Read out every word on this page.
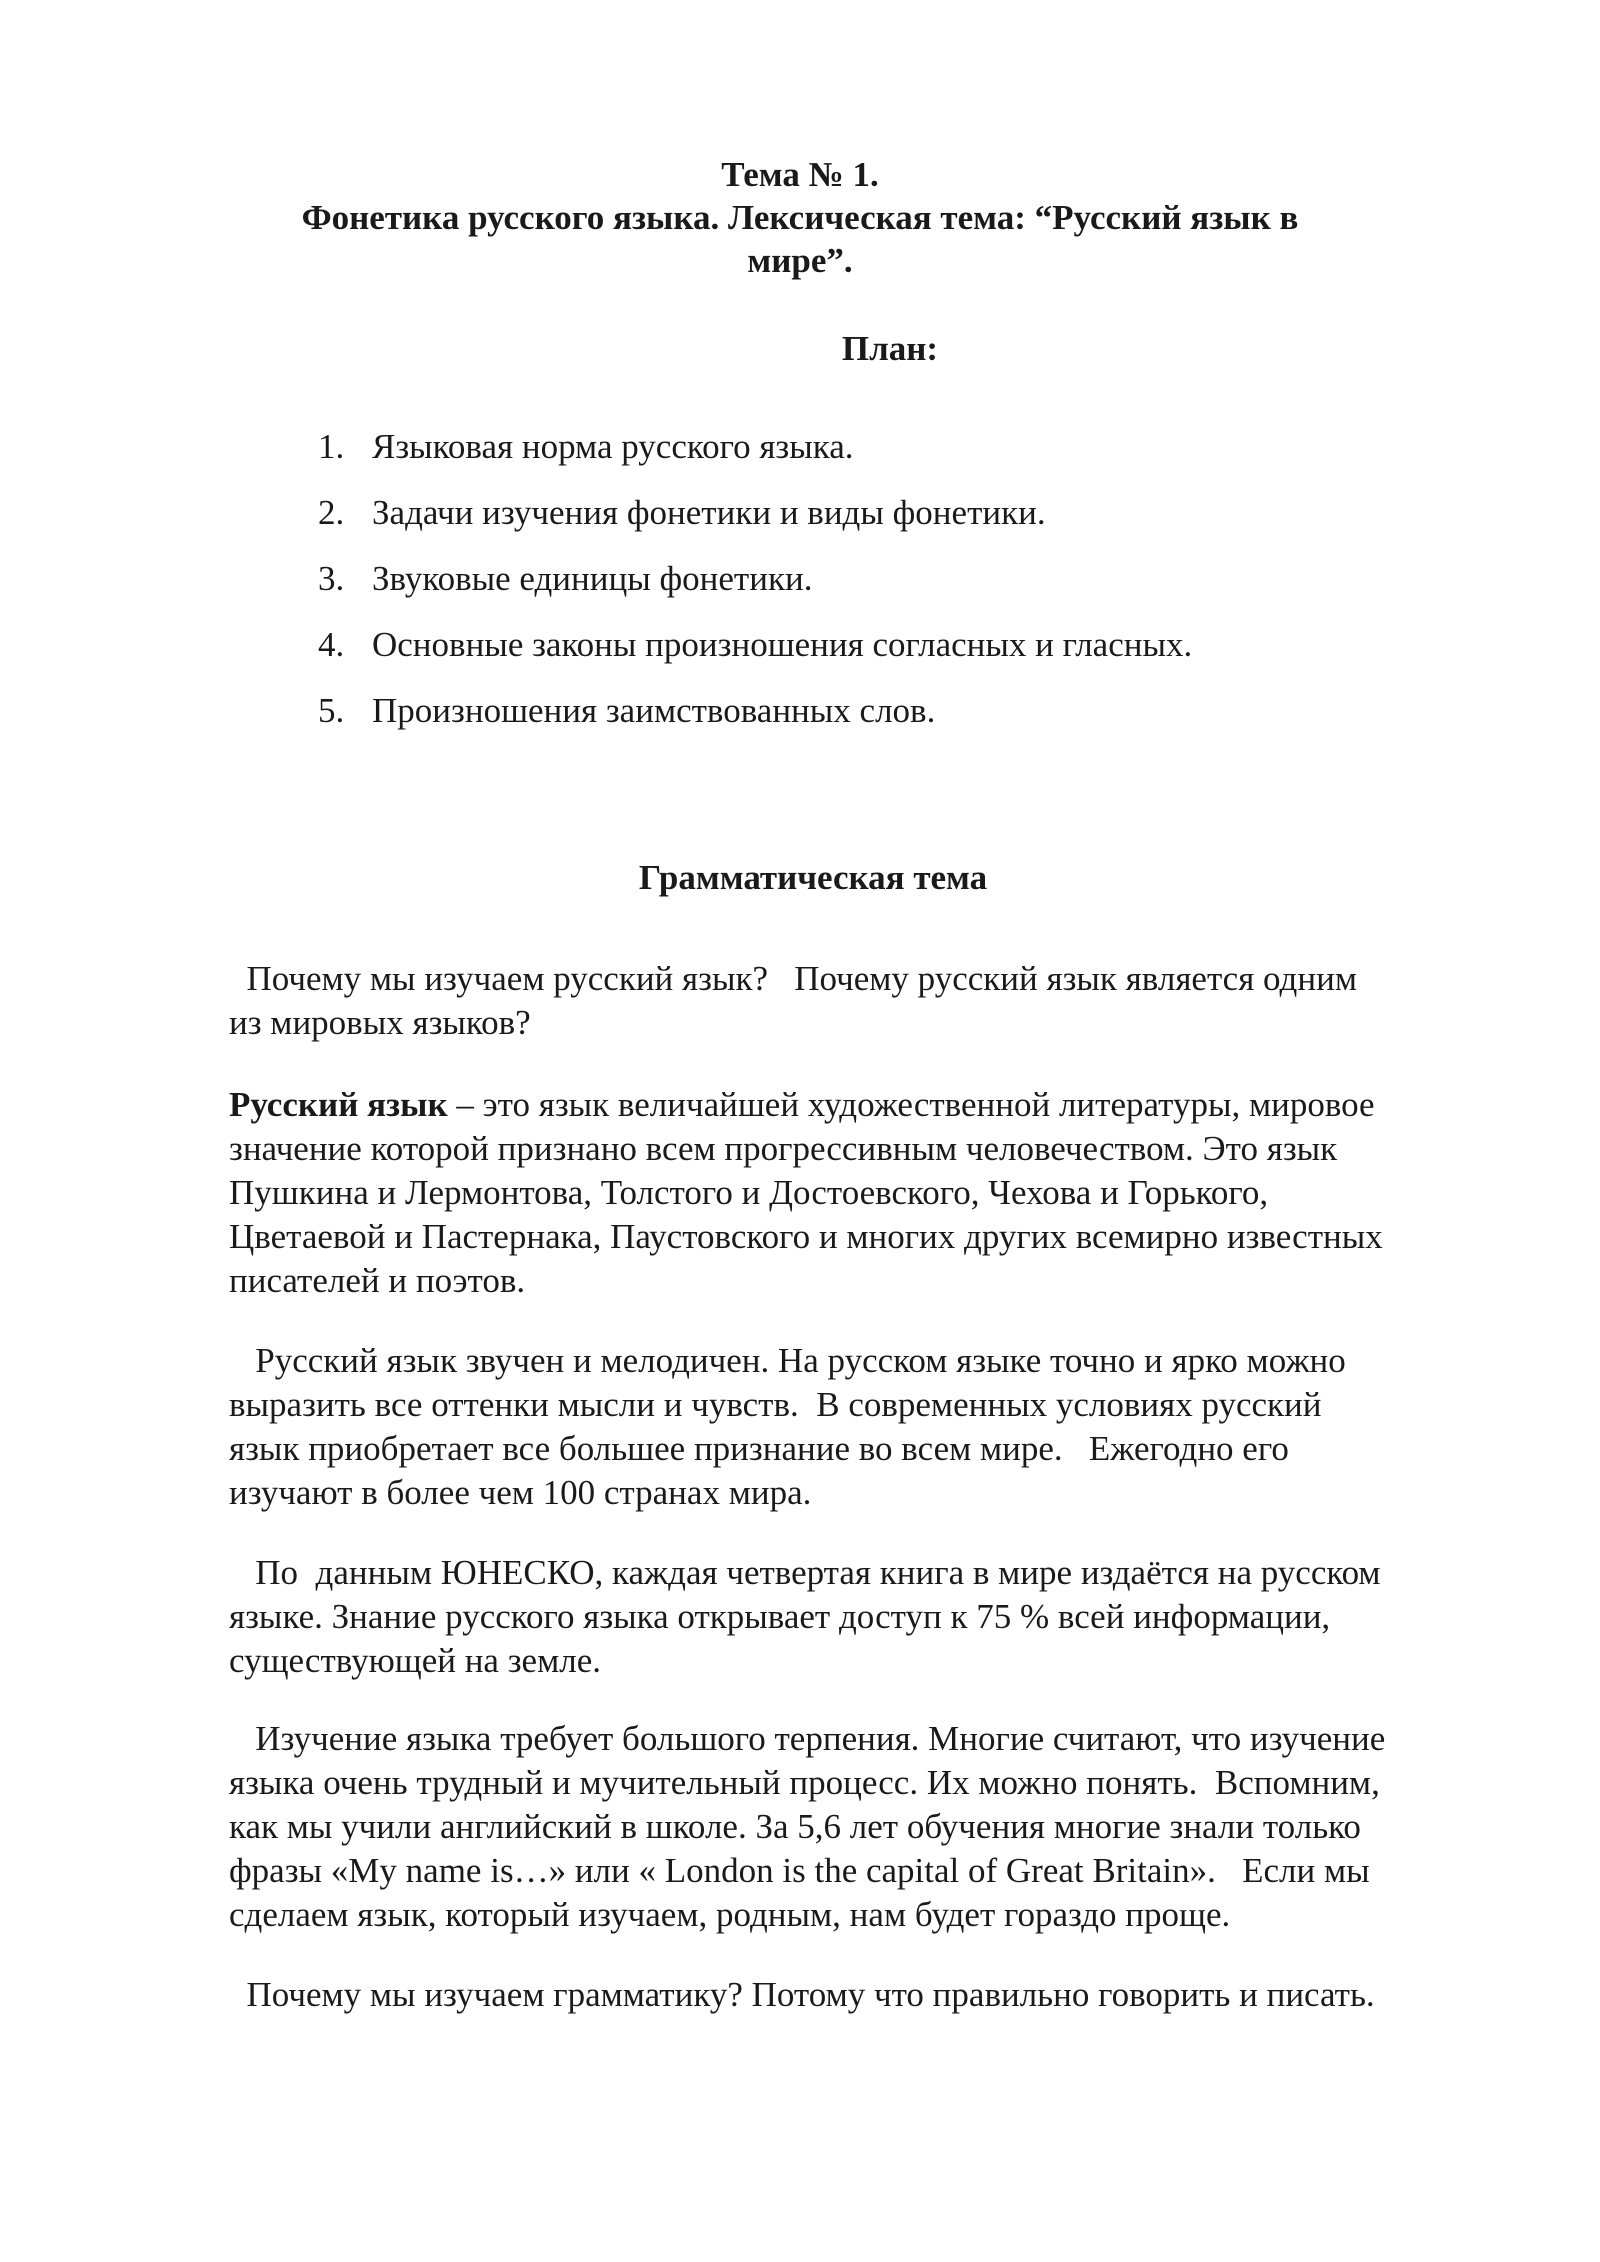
Тема № 1.
Фонетика русского языка. Лексическая тема: “Русский язык в
мире”.
План:
1. Языковая норма русского языка.
2. Задачи изучения фонетики и виды фонетики.
3. Звуковые единицы фонетики.
4. Основные законы произношения согласных и гласных.
5. Произношения заимствованных слов.
Грамматическая тема
Почему мы изучаем русский язык?   Почему русский язык является одним
из мировых языков?
Русский язык – это язык величайшей художественной литературы, мировое
значение которой признано всем прогрессивным человечеством. Это язык
Пушкина и Лермонтова, Толстого и Достоевского, Чехова и Горького,
Цветаевой и Пастернака, Паустовского и многих других всемирно известных
писателей и поэтов.
Русский язык звучен и мелодичен. На русском языке точно и ярко можно
выразить все оттенки мысли и чувств.  В современных условиях русский
язык приобретает все большее признание во всем мире.   Ежегодно его
изучают в более чем 100 странах мира.
По  данным ЮНЕСКО, каждая четвертая книга в мире издаётся на русском
языке. Знание русского языка открывает доступ к 75 % всей информации,
существующей на земле.
Изучение языка требует большого терпения. Многие считают, что изучение
языка очень трудный и мучительный процесс. Их можно понять.  Вспомним,
как мы учили английский в школе. За 5,6 лет обучения многие знали только
фразы «My name is…» или « London is the capital of Great Britain».   Если мы
сделаем язык, который изучаем, родным, нам будет гораздо проще.
Почему мы изучаем грамматику? Потому что правильно говорить и писать.
